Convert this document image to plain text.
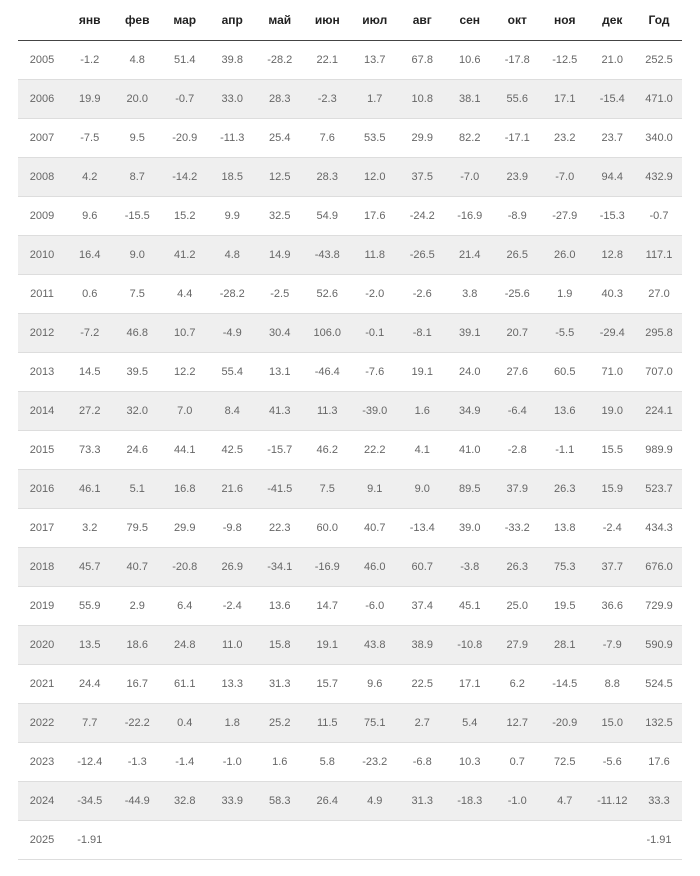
	янв	фев	мар	апр	май	июн	июл	авг	сен	окт	ноя	дек	Год
2005	-1.2	4.8	51.4	39.8	-28.2	22.1	13.7	67.8	10.6	-17.8	-12.5	21.0	252.5
2006	19.9	20.0	-0.7	33.0	28.3	-2.3	1.7	10.8	38.1	55.6	17.1	-15.4	471.0
2007	-7.5	9.5	-20.9	-11.3	25.4	7.6	53.5	29.9	82.2	-17.1	23.2	23.7	340.0
2008	4.2	8.7	-14.2	18.5	12.5	28.3	12.0	37.5	-7.0	23.9	-7.0	94.4	432.9
2009	9.6	-15.5	15.2	9.9	32.5	54.9	17.6	-24.2	-16.9	-8.9	-27.9	-15.3	-0.7
2010	16.4	9.0	41.2	4.8	14.9	-43.8	11.8	-26.5	21.4	26.5	26.0	12.8	117.1
2011	0.6	7.5	4.4	-28.2	-2.5	52.6	-2.0	-2.6	3.8	-25.6	1.9	40.3	27.0
2012	-7.2	46.8	10.7	-4.9	30.4	106.0	-0.1	-8.1	39.1	20.7	-5.5	-29.4	295.8
2013	14.5	39.5	12.2	55.4	13.1	-46.4	-7.6	19.1	24.0	27.6	60.5	71.0	707.0
2014	27.2	32.0	7.0	8.4	41.3	11.3	-39.0	1.6	34.9	-6.4	13.6	19.0	224.1
2015	73.3	24.6	44.1	42.5	-15.7	46.2	22.2	4.1	41.0	-2.8	-1.1	15.5	989.9
2016	46.1	5.1	16.8	21.6	-41.5	7.5	9.1	9.0	89.5	37.9	26.3	15.9	523.7
2017	3.2	79.5	29.9	-9.8	22.3	60.0	40.7	-13.4	39.0	-33.2	13.8	-2.4	434.3
2018	45.7	40.7	-20.8	26.9	-34.1	-16.9	46.0	60.7	-3.8	26.3	75.3	37.7	676.0
2019	55.9	2.9	6.4	-2.4	13.6	14.7	-6.0	37.4	45.1	25.0	19.5	36.6	729.9
2020	13.5	18.6	24.8	11.0	15.8	19.1	43.8	38.9	-10.8	27.9	28.1	-7.9	590.9
2021	24.4	16.7	61.1	13.3	31.3	15.7	9.6	22.5	17.1	6.2	-14.5	8.8	524.5
2022	7.7	-22.2	0.4	1.8	25.2	11.5	75.1	2.7	5.4	12.7	-20.9	15.0	132.5
2023	-12.4	-1.3	-1.4	-1.0	1.6	5.8	-23.2	-6.8	10.3	0.7	72.5	-5.6	17.6
2024	-34.5	-44.9	32.8	33.9	58.3	26.4	4.9	31.3	-18.3	-1.0	4.7	-11.12	33.3
2025	-1.91												-1.91
